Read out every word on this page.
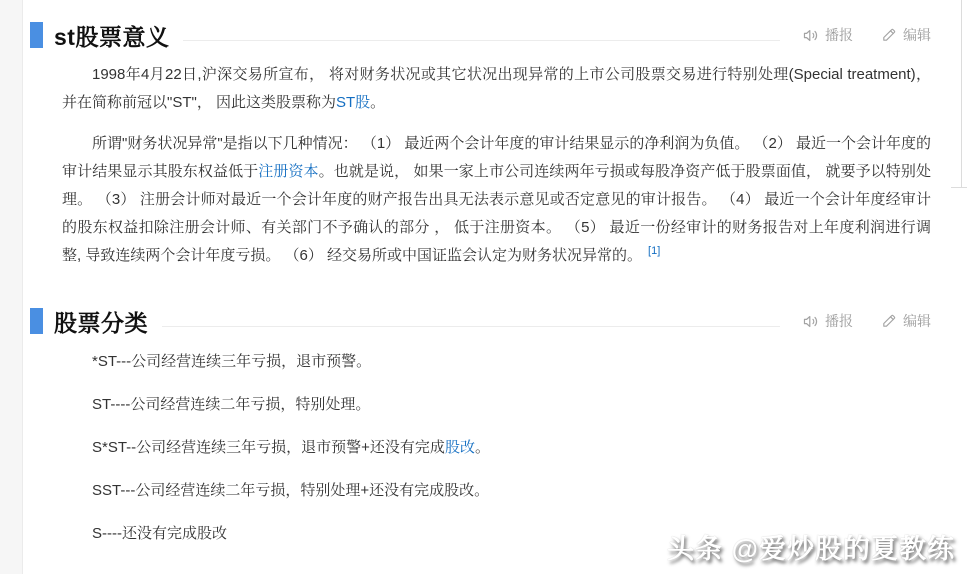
st股票意义	播报	编辑

1998年4月22日,沪深交易所宣布， 将对财务状况或其它状况出现异常的上市公司股票交易进行特别处理(Special treatment)， 并在简称前冠以"ST"， 因此这类股票称为ST股。

所谓"财务状况异常"是指以下几种情况： （1） 最近两个会计年度的审计结果显示的净利润为负值。 （2） 最近一个会计年度的审计结果显示其股东权益低于注册资本。也就是说， 如果一家上市公司连续两年亏损或每股净资产低于股票面值， 就要予以特别处理。 （3） 注册会计师对最近一个会计年度的财产报告出具无法表示意见或否定意见的审计报告。 （4） 最近一个会计年度经审计的股东权益扣除注册会计师、有关部门不予确认的部分 ， 低于注册资本。 （5） 最近一份经审计的财务报告对上年度利润进行调整, 导致连续两个会计年度亏损。 （6） 经交易所或中国证监会认定为财务状况异常的。 [1]

股票分类	播报	编辑

*ST---公司经营连续三年亏损，退市预警。

ST----公司经营连续二年亏损，特别处理。

S*ST--公司经营连续三年亏损，退市预警+还没有完成股改。

SST---公司经营连续二年亏损，特别处理+还没有完成股改。

S----还没有完成股改

头条 @爱炒股的夏教练
